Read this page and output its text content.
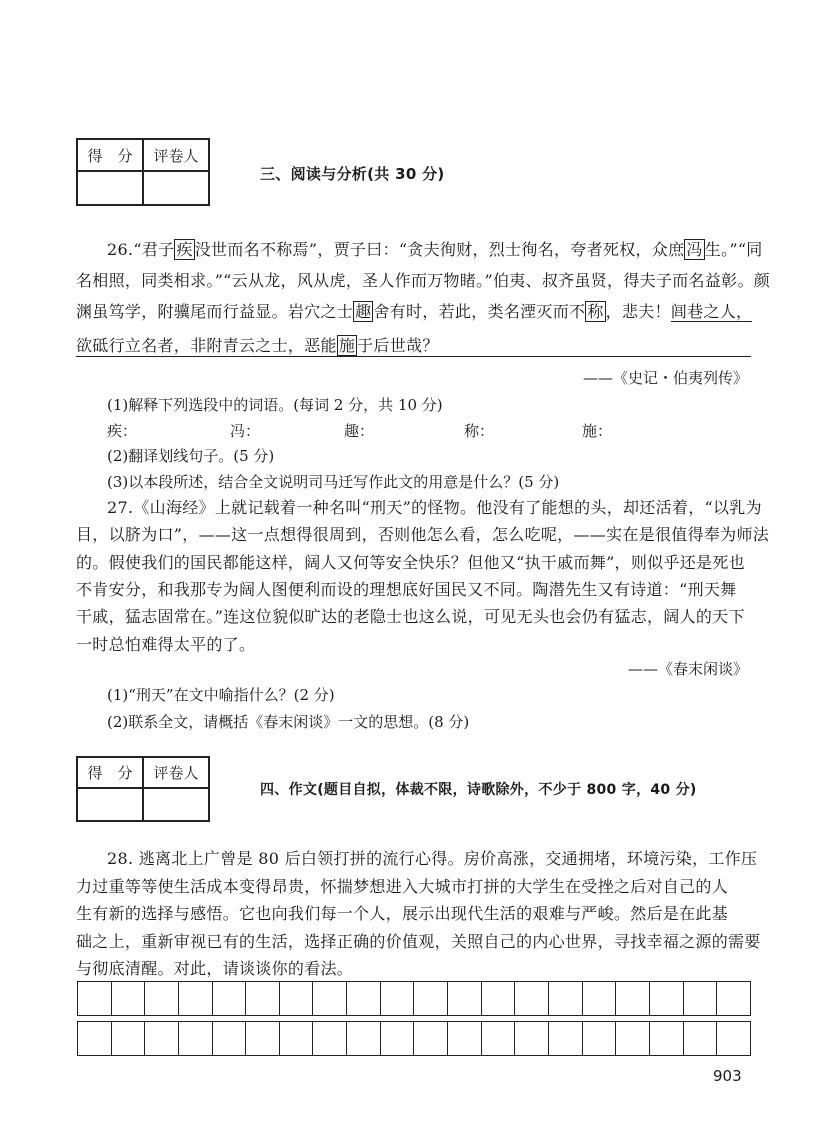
得　分	评卷人

三、阅读与分析(共 30 分)
26.“君子 疾 没世而名不称焉”，贾子曰：“贪夫徇财，烈士徇名，夸者死权，众庶 冯 生。”“同
名相照，同类相求。”“云从龙，风从虎，圣人作而万物睹。”伯夷、叔齐虽贤，得夫子而名益彰。颜
渊虽笃学，附骥尾而行益显。岩穴之士 趣 舍有时，若此，类名湮灭而不 称 ，悲夫！闾巷之人，
欲砥行立名者，非附青云之士，恶能 施 于后世哉？
——《史记・伯夷列传》
(1)解释下列选段中的词语。(每词 2 分，共 10 分)
疾：	冯：	趣：	称：	施：
(2)翻译划线句子。(5 分)
(3)以本段所述，结合全文说明司马迁写作此文的用意是什么？(5 分)
27.《山海经》上就记载着一种名叫“刑天”的怪物。他没有了能想的头，却还活着，“以乳为
目，以脐为口”，——这一点想得很周到，否则他怎么看，怎么吃呢，——实在是很值得奉为师法
的。假使我们的国民都能这样，阔人又何等安全快乐？但他又“执干戚而舞”，则似乎还是死也
不肯安分，和我那专为阔人图便利而设的理想底好国民又不同。陶潜先生又有诗道：“刑天舞
干戚，猛志固常在。”连这位貌似旷达的老隐士也这么说，可见无头也会仍有猛志，阔人的天下
一时总怕难得太平的了。
——《春末闲谈》
(1)“刑天”在文中喻指什么？(2 分)
(2)联系全文，请概括《春末闲谈》一文的思想。(8 分)
得　分	评卷人

四、作文(题目自拟，体裁不限，诗歌除外，不少于 800 字，40 分)
28. 逃离北上广曾是 80 后白领打拼的流行心得。房价高涨，交通拥堵，环境污染，工作压
力过重等等使生活成本变得昂贵，怀揣梦想进入大城市打拼的大学生在受挫之后对自己的人
生有新的选择与感悟。它也向我们每一个人，展示出现代生活的艰难与严峻。然后是在此基
础之上，重新审视已有的生活，选择正确的价值观，关照自己的内心世界，寻找幸福之源的需要
与彻底清醒。对此，请谈谈你的看法。

903
